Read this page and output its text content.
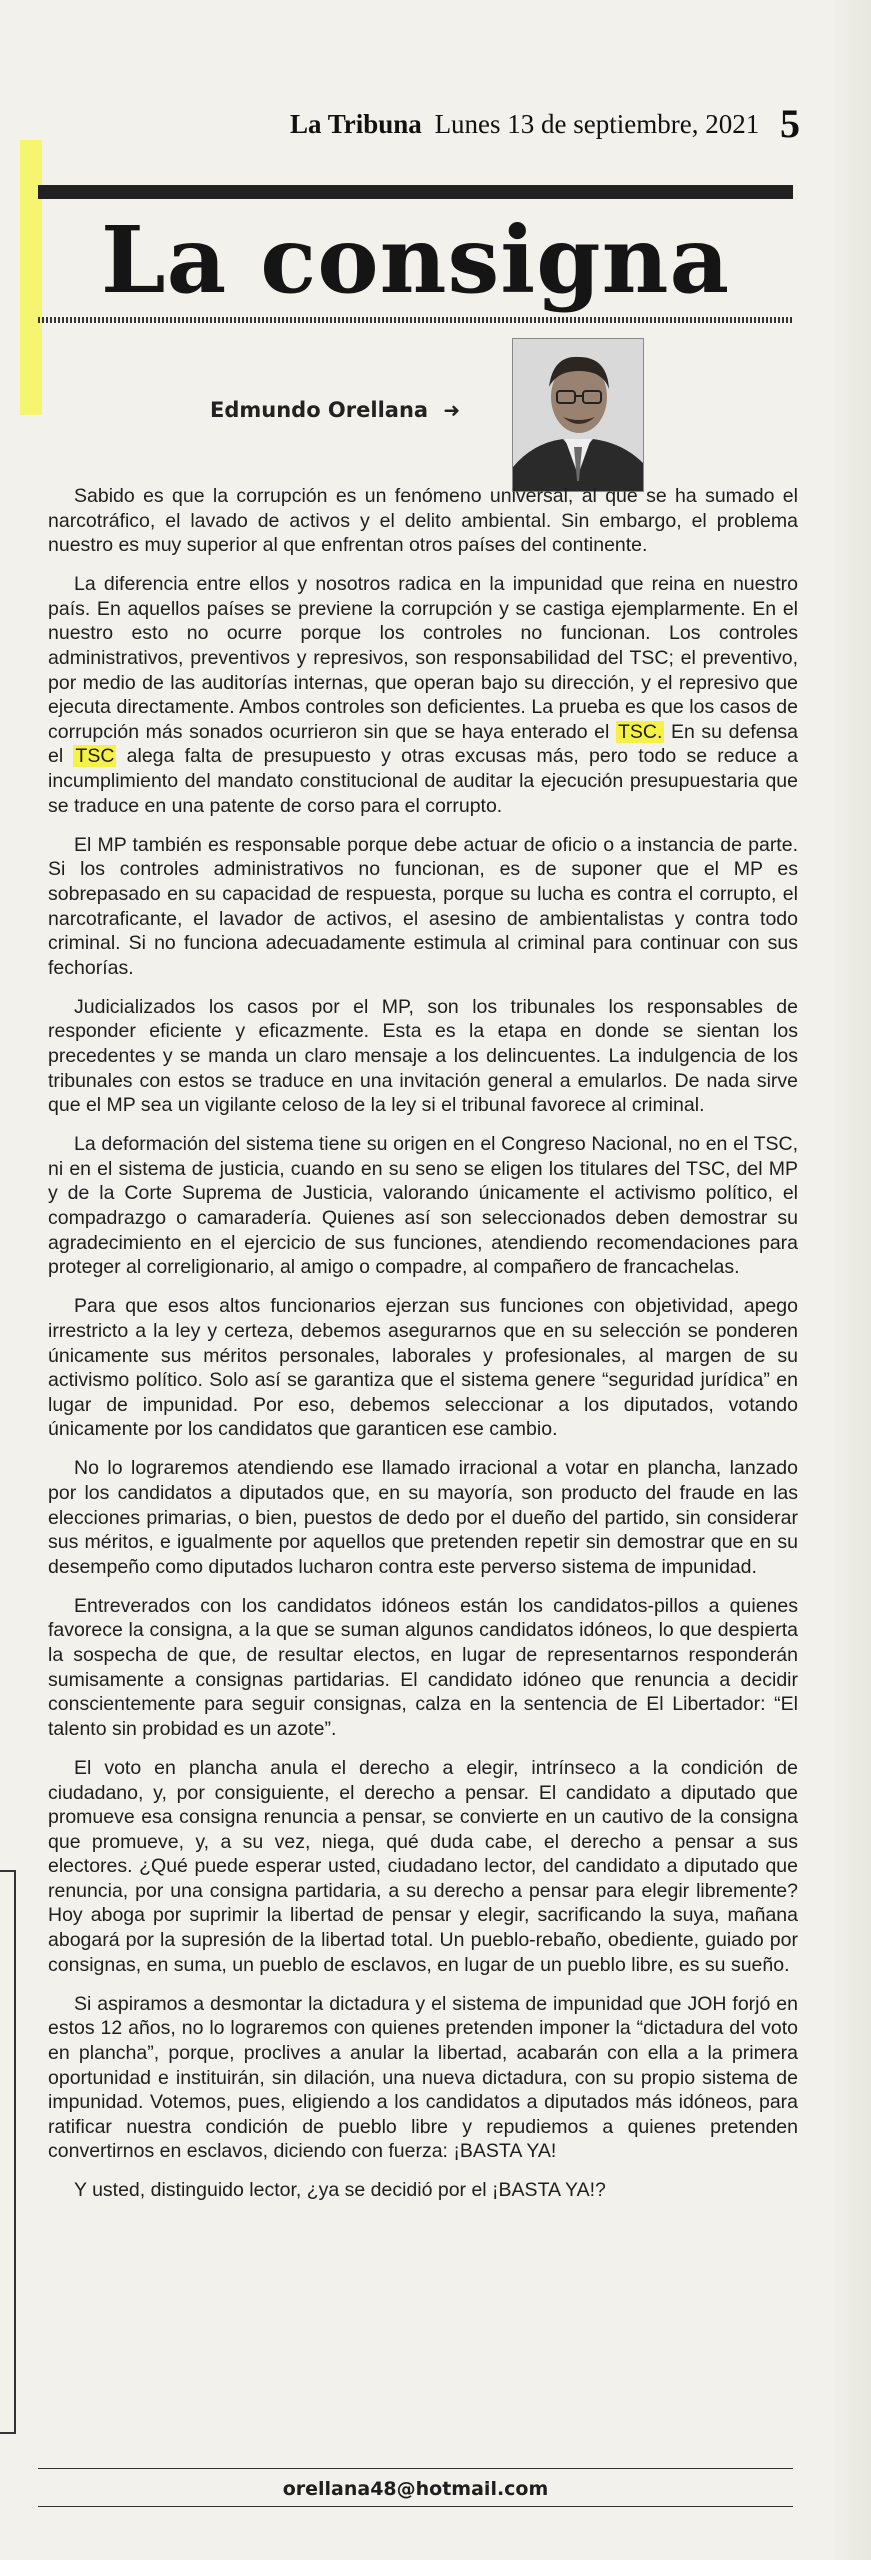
La Tribuna Lunes 13 de septiembre, 2021 5
La consigna
Edmundo Orellana ➜

Sabido es que la corrupción es un fenómeno universal, al que se ha sumado el narcotráfico, el lavado de activos y el delito ambiental. Sin embargo, el problema nuestro es muy superior al que enfrentan otros países del continente.

La diferencia entre ellos y nosotros radica en la impunidad que reina en nuestro país. En aquellos países se previene la corrupción y se castiga ejemplarmente. En el nuestro esto no ocurre porque los controles no funcionan. Los controles administrativos, preventivos y represivos, son responsabilidad del TSC; el preventivo, por medio de las auditorías internas, que operan bajo su dirección, y el represivo que ejecuta directamente. Ambos controles son deficientes. La prueba es que los casos de corrupción más sonados ocurrieron sin que se haya enterado el TSC. En su defensa el TSC alega falta de presupuesto y otras excusas más, pero todo se reduce a incumplimiento del mandato constitucional de auditar la ejecución presupuestaria que se traduce en una patente de corso para el corrupto.

El MP también es responsable porque debe actuar de oficio o a instancia de parte. Si los controles administrativos no funcionan, es de suponer que el MP es sobrepasado en su capacidad de respuesta, porque su lucha es contra el corrupto, el narcotraficante, el lavador de activos, el asesino de ambientalistas y contra todo criminal. Si no funciona adecuadamente estimula al criminal para continuar con sus fechorías.

Judicializados los casos por el MP, son los tribunales los responsables de responder eficiente y eficazmente. Esta es la etapa en donde se sientan los precedentes y se manda un claro mensaje a los delincuentes. La indulgencia de los tribunales con estos se traduce en una invitación general a emularlos. De nada sirve que el MP sea un vigilante celoso de la ley si el tribunal favorece al criminal.

La deformación del sistema tiene su origen en el Congreso Nacional, no en el TSC, ni en el sistema de justicia, cuando en su seno se eligen los titulares del TSC, del MP y de la Corte Suprema de Justicia, valorando únicamente el activismo político, el compadrazgo o camaradería. Quienes así son seleccionados deben demostrar su agradecimiento en el ejercicio de sus funciones, atendiendo recomendaciones para proteger al correligionario, al amigo o compadre, al compañero de francachelas.

Para que esos altos funcionarios ejerzan sus funciones con objetividad, apego irrestricto a la ley y certeza, debemos asegurarnos que en su selección se ponderen únicamente sus méritos personales, laborales y profesionales, al margen de su activismo político. Solo así se garantiza que el sistema genere “seguridad jurídica” en lugar de impunidad. Por eso, debemos seleccionar a los diputados, votando únicamente por los candidatos que garanticen ese cambio.

No lo lograremos atendiendo ese llamado irracional a votar en plancha, lanzado por los candidatos a diputados que, en su mayoría, son producto del fraude en las elecciones primarias, o bien, puestos de dedo por el dueño del partido, sin considerar sus méritos, e igualmente por aquellos que pretenden repetir sin demostrar que en su desempeño como diputados lucharon contra este perverso sistema de impunidad.

Entreverados con los candidatos idóneos están los candidatos-pillos a quienes favorece la consigna, a la que se suman algunos candidatos idóneos, lo que despierta la sospecha de que, de resultar electos, en lugar de representarnos responderán sumisamente a consignas partidarias. El candidato idóneo que renuncia a decidir conscientemente para seguir consignas, calza en la sentencia de El Libertador: “El talento sin probidad es un azote”.

El voto en plancha anula el derecho a elegir, intrínseco a la condición de ciudadano, y, por consiguiente, el derecho a pensar. El candidato a diputado que promueve esa consigna renuncia a pensar, se convierte en un cautivo de la consigna que promueve, y, a su vez, niega, qué duda cabe, el derecho a pensar a sus electores. ¿Qué puede esperar usted, ciudadano lector, del candidato a diputado que renuncia, por una consigna partidaria, a su derecho a pensar para elegir libremente? Hoy aboga por suprimir la libertad de pensar y elegir, sacrificando la suya, mañana abogará por la supresión de la libertad total. Un pueblo-rebaño, obediente, guiado por consignas, en suma, un pueblo de esclavos, en lugar de un pueblo libre, es su sueño.

Si aspiramos a desmontar la dictadura y el sistema de impunidad que JOH forjó en estos 12 años, no lo lograremos con quienes pretenden imponer la “dictadura del voto en plancha”, porque, proclives a anular la libertad, acabarán con ella a la primera oportunidad e instituirán, sin dilación, una nueva dictadura, con su propio sistema de impunidad. Votemos, pues, eligiendo a los candidatos a diputados más idóneos, para ratificar nuestra condición de pueblo libre y repudiemos a quienes pretenden convertirnos en esclavos, diciendo con fuerza: ¡BASTA YA!

Y usted, distinguido lector, ¿ya se decidió por el ¡BASTA YA!?

orellana48@hotmail.com
